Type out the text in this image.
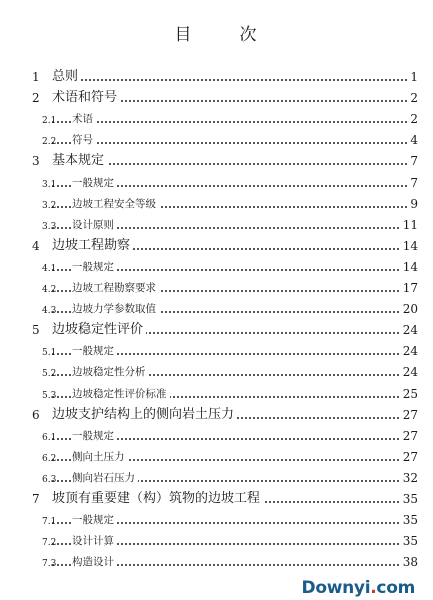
目	次
1 总则	1
2 术语和符号	2
2.1 术语	2
2.2 符号	4
3 基本规定	7
3.1 一般规定	7
3.2 边坡工程安全等级	9
3.3 设计原则	11
4 边坡工程勘察	14
4.1 一般规定	14
4.2 边坡工程勘察要求	17
4.3 边坡力学参数取值	20
5 边坡稳定性评价	24
5.1 一般规定	24
5.2 边坡稳定性分析	24
5.3 边坡稳定性评价标准	25
6 边坡支护结构上的侧向岩土压力	27
6.1 一般规定	27
6.2 侧向土压力	27
6.3 侧向岩石压力	32
7 坡顶有重要建（构）筑物的边坡工程	35
7.1 一般规定	35
7.2 设计计算	35
7.3 构造设计	38
Downyi.com
